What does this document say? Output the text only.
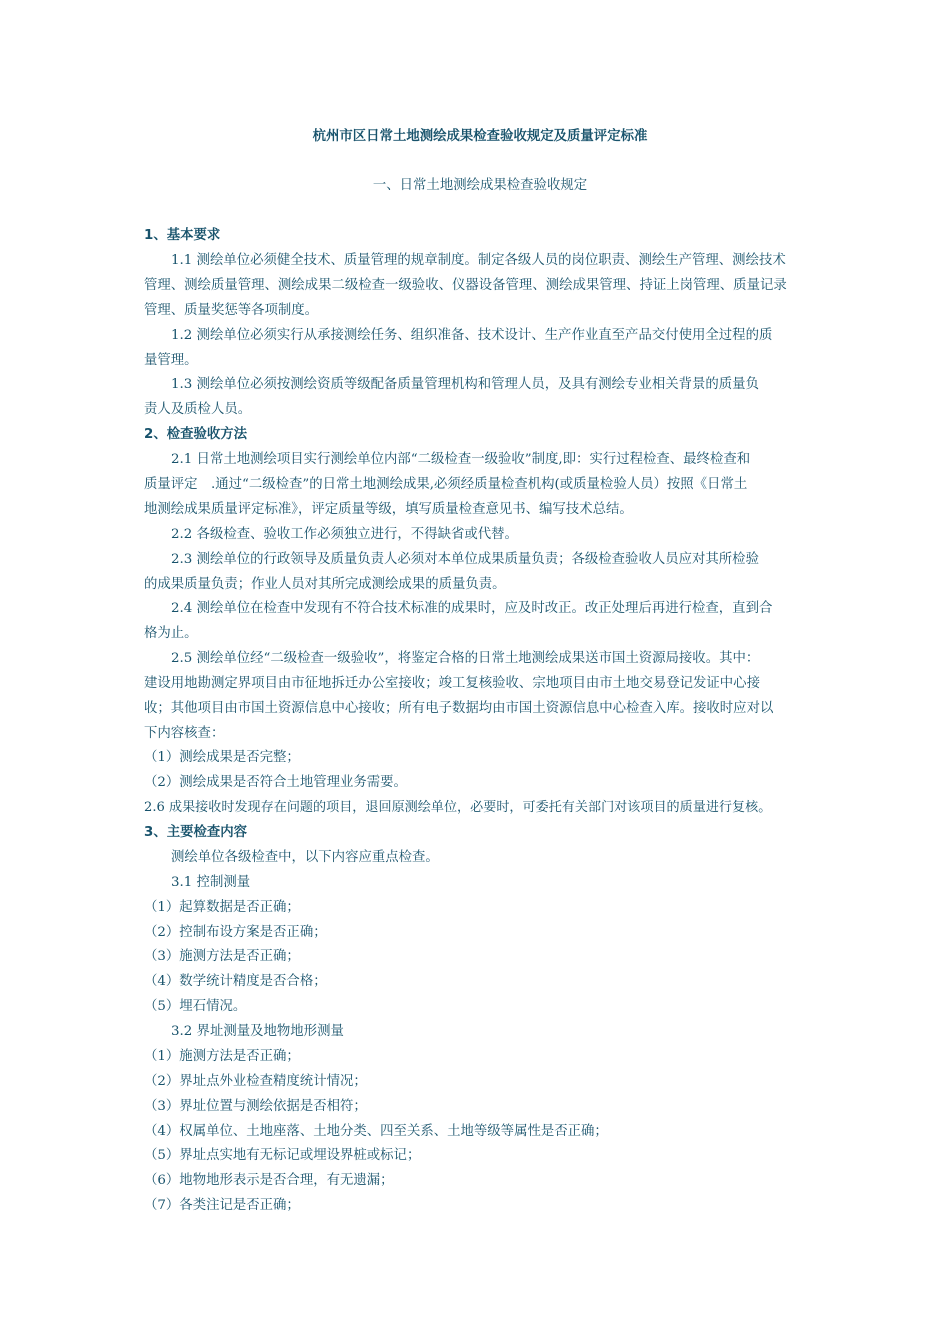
杭州市区日常土地测绘成果检查验收规定及质量评定标准
一、日常土地测绘成果检查验收规定
1、基本要求
1.1 测绘单位必须健全技术、质量管理的规章制度。制定各级人员的岗位职责、测绘生产管理、测绘技术
管理、测绘质量管理、测绘成果二级检查一级验收、仪器设备管理、测绘成果管理、持证上岗管理、质量记录
管理、质量奖惩等各项制度。
1.2 测绘单位必须实行从承接测绘任务、组织准备、技术设计、生产作业直至产品交付使用全过程的质
量管理。
1.3 测绘单位必须按测绘资质等级配备质量管理机构和管理人员，及具有测绘专业相关背景的质量负
责人及质检人员。
2、检查验收方法
2.1 日常土地测绘项目实行测绘单位内部“二级检查一级验收”制度,即：实行过程检查、最终检查和
质量评定　.通过“二级检查”的日常土地测绘成果,必须经质量检查机构(或质量检验人员）按照《日常土
地测绘成果质量评定标准》，评定质量等级，填写质量检查意见书、编写技术总结。
2.2 各级检查、验收工作必须独立进行，不得缺省或代替。
2.3 测绘单位的行政领导及质量负责人必须对本单位成果质量负责；各级检查验收人员应对其所检验
的成果质量负责；作业人员对其所完成测绘成果的质量负责。
2.4 测绘单位在检查中发现有不符合技术标准的成果时，应及时改正。改正处理后再进行检查，直到合
格为止。
2.5 测绘单位经“二级检查一级验收”，将鉴定合格的日常土地测绘成果送市国土资源局接收。其中：
建设用地勘测定界项目由市征地拆迁办公室接收；竣工复核验收、宗地项目由市土地交易登记发证中心接
收；其他项目由市国土资源信息中心接收；所有电子数据均由市国土资源信息中心检查入库。接收时应对以
下内容核查：
（1）测绘成果是否完整；
（2）测绘成果是否符合土地管理业务需要。
2.6 成果接收时发现存在问题的项目，退回原测绘单位，必要时，可委托有关部门对该项目的质量进行复核。
3、主要检查内容
测绘单位各级检查中，以下内容应重点检查。
3.1 控制测量
（1）起算数据是否正确；
（2）控制布设方案是否正确；
（3）施测方法是否正确；
（4）数学统计精度是否合格；
（5）埋石情况。
3.2 界址测量及地物地形测量
（1）施测方法是否正确；
（2）界址点外业检查精度统计情况；
（3）界址位置与测绘依据是否相符；
（4）权属单位、土地座落、土地分类、四至关系、土地等级等属性是否正确；
（5）界址点实地有无标记或埋设界桩或标记；
（6）地物地形表示是否合理，有无遗漏；
（7）各类注记是否正确；
